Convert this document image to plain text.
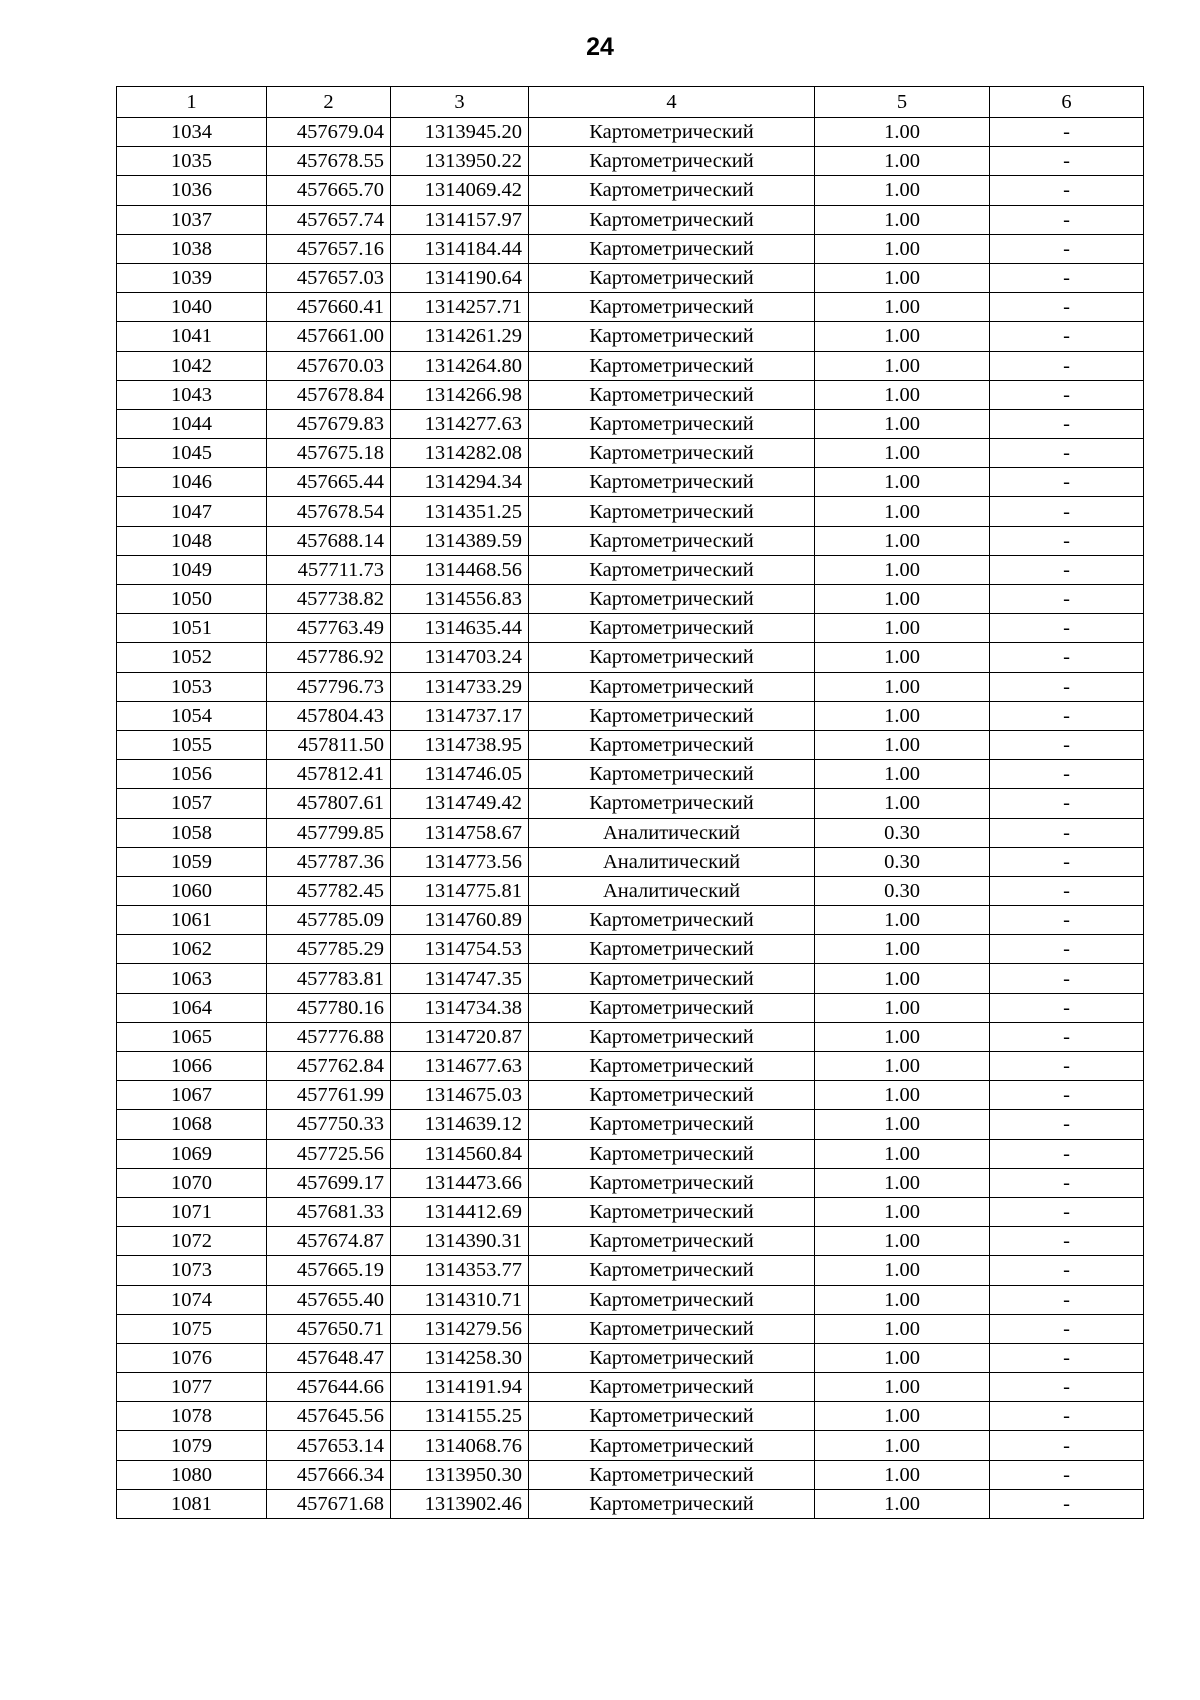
24
1	2	3	4	5	6
1034	457679.04	1313945.20	Картометрический	1.00	-
1035	457678.55	1313950.22	Картометрический	1.00	-
1036	457665.70	1314069.42	Картометрический	1.00	-
1037	457657.74	1314157.97	Картометрический	1.00	-
1038	457657.16	1314184.44	Картометрический	1.00	-
1039	457657.03	1314190.64	Картометрический	1.00	-
1040	457660.41	1314257.71	Картометрический	1.00	-
1041	457661.00	1314261.29	Картометрический	1.00	-
1042	457670.03	1314264.80	Картометрический	1.00	-
1043	457678.84	1314266.98	Картометрический	1.00	-
1044	457679.83	1314277.63	Картометрический	1.00	-
1045	457675.18	1314282.08	Картометрический	1.00	-
1046	457665.44	1314294.34	Картометрический	1.00	-
1047	457678.54	1314351.25	Картометрический	1.00	-
1048	457688.14	1314389.59	Картометрический	1.00	-
1049	457711.73	1314468.56	Картометрический	1.00	-
1050	457738.82	1314556.83	Картометрический	1.00	-
1051	457763.49	1314635.44	Картометрический	1.00	-
1052	457786.92	1314703.24	Картометрический	1.00	-
1053	457796.73	1314733.29	Картометрический	1.00	-
1054	457804.43	1314737.17	Картометрический	1.00	-
1055	457811.50	1314738.95	Картометрический	1.00	-
1056	457812.41	1314746.05	Картометрический	1.00	-
1057	457807.61	1314749.42	Картометрический	1.00	-
1058	457799.85	1314758.67	Аналитический	0.30	-
1059	457787.36	1314773.56	Аналитический	0.30	-
1060	457782.45	1314775.81	Аналитический	0.30	-
1061	457785.09	1314760.89	Картометрический	1.00	-
1062	457785.29	1314754.53	Картометрический	1.00	-
1063	457783.81	1314747.35	Картометрический	1.00	-
1064	457780.16	1314734.38	Картометрический	1.00	-
1065	457776.88	1314720.87	Картометрический	1.00	-
1066	457762.84	1314677.63	Картометрический	1.00	-
1067	457761.99	1314675.03	Картометрический	1.00	-
1068	457750.33	1314639.12	Картометрический	1.00	-
1069	457725.56	1314560.84	Картометрический	1.00	-
1070	457699.17	1314473.66	Картометрический	1.00	-
1071	457681.33	1314412.69	Картометрический	1.00	-
1072	457674.87	1314390.31	Картометрический	1.00	-
1073	457665.19	1314353.77	Картометрический	1.00	-
1074	457655.40	1314310.71	Картометрический	1.00	-
1075	457650.71	1314279.56	Картометрический	1.00	-
1076	457648.47	1314258.30	Картометрический	1.00	-
1077	457644.66	1314191.94	Картометрический	1.00	-
1078	457645.56	1314155.25	Картометрический	1.00	-
1079	457653.14	1314068.76	Картометрический	1.00	-
1080	457666.34	1313950.30	Картометрический	1.00	-
1081	457671.68	1313902.46	Картометрический	1.00	-
